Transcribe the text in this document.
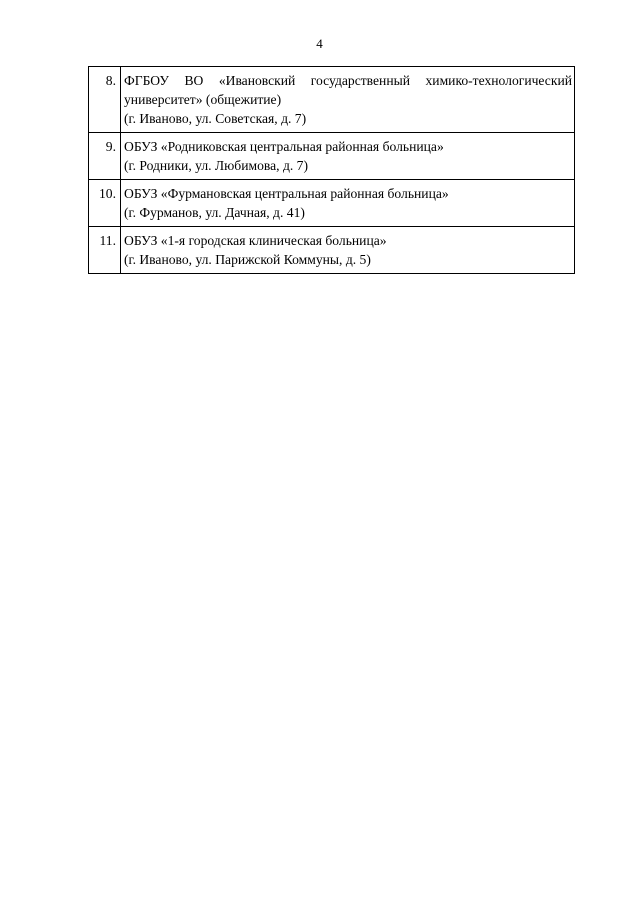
4
8.	ФГБОУ ВО «Ивановский государственный химико-технологический
университет» (общежитие)
(г. Иваново, ул. Советская, д. 7)

9.	ОБУЗ «Родниковская центральная районная больница»
(г. Родники, ул. Любимова, д. 7)

10.	ОБУЗ «Фурмановская центральная районная больница»
(г. Фурманов, ул. Дачная, д. 41)

11.	ОБУЗ «1-я городская клиническая больница»
(г. Иваново, ул. Парижской Коммуны, д. 5)
